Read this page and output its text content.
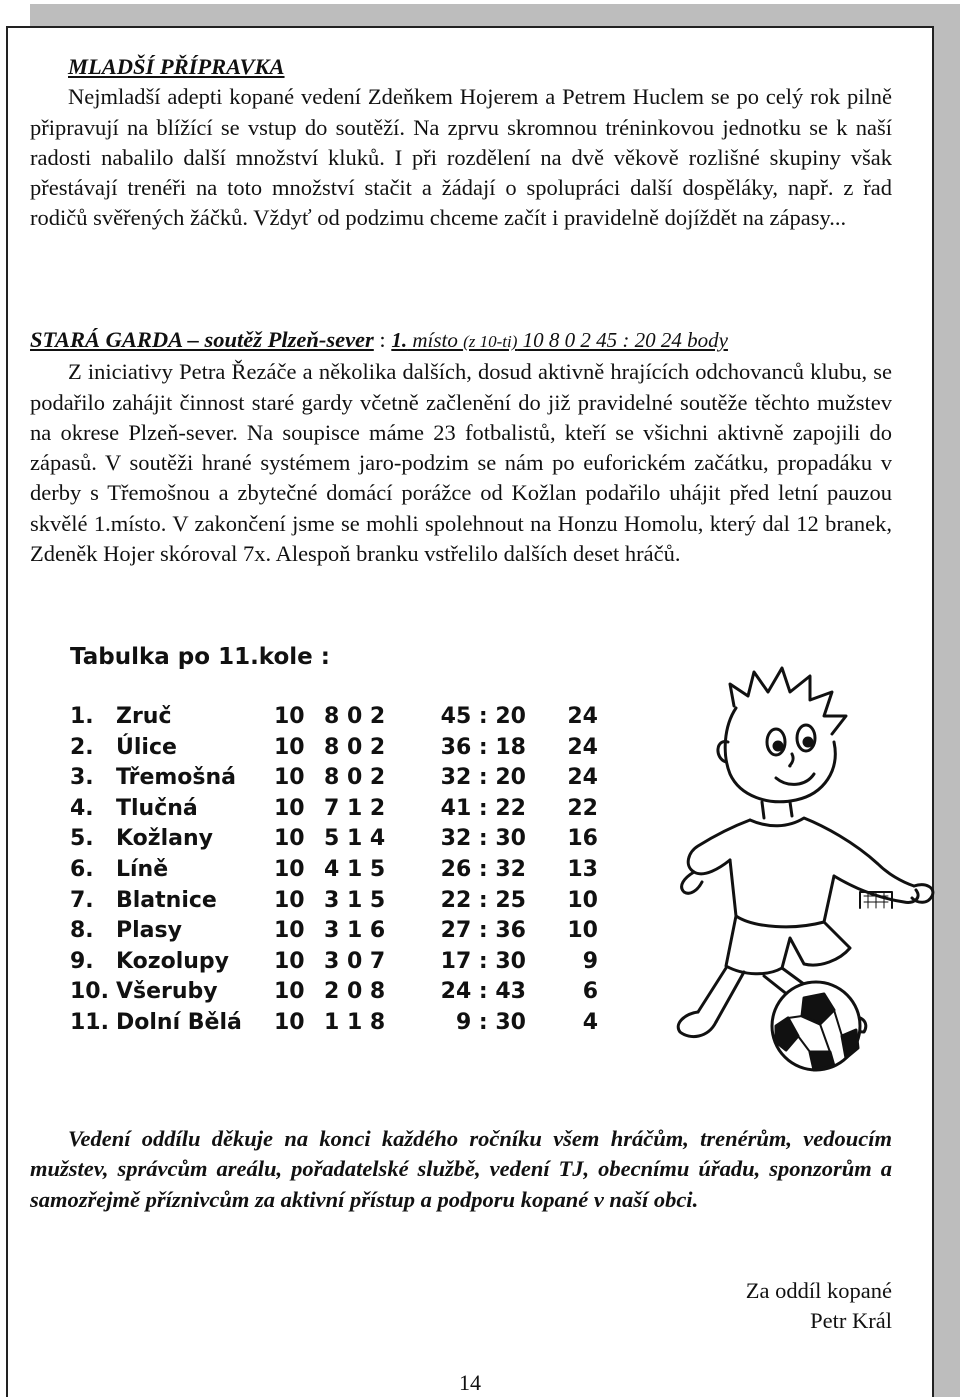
MLADŠÍ PŘÍPRAVKA

Nejmladší adepti kopané vedení Zdeňkem Hojerem a Petrem Huclem se po celý rok pilně připravují na blížící se vstup do soutěží. Na zprvu skromnou tréninkovou jednotku se k naší radosti nabalilo další množství kluků. I při rozdělení na dvě věkově rozlišné skupiny však přestávají trenéři na toto množství stačit a žádají o spolupráci další dospěláky, např. z řad rodičů svěřených žáčků. Vždyť od podzimu chceme začít i pravidelně dojíždět na zápasy...

STARÁ GARDA – soutěž Plzeň-sever : 1. místo (z 10-ti) 10 8 0 2 45 : 20 24 body

Z iniciativy Petra Řezáče a několika dalších, dosud aktivně hrajících odchovanců klubu, se podařilo zahájit činnost staré gardy včetně začlenění do již pravidelné soutěže těchto mužstev na okrese Plzeň-sever. Na soupisce máme 23 fotbalistů, kteří se všichni aktivně zapojili do zápasů. V soutěži hrané systémem jaro-podzim se nám po euforickém začátku, propadáku v derby s Třemošnou a zbytečné domácí porážce od Kožlan podařilo uhájit před letní pauzou skvělé 1.místo. V zakončení jsme se mohli spolehnout na Honzu Homolu, který dal 12 branek, Zdeněk Hojer skóroval 7x. Alespoň branku vstřelilo dalších deset hráčů.

Tabulka po 11.kole :
1.	Zruč	10 8 0 2	45 : 20	24
2.	Úlice	10 8 0 2	36 : 18	24
3.	Třemošná 10 8 0 2	32 : 20	24
4.	Tlučná	10 7 1 2	41 : 22	22
5.	Kožlany	10 5 1 4	32 : 30	16
6.	Líně	10 4 1 5	26 : 32	13
7.	Blatnice	10 3 1 5	22 : 25	10
8.	Plasy	10 3 1 6	27 : 36	10
9.	Kozolupy 10 3 0 7	17 : 30	9
10. Všeruby	10 2 0 8	24 : 43	6
11. Dolní Bělá 10 1 1 8	9 : 30	4

Vedení oddílu děkuje na konci každého ročníku všem hráčům, trenérům, vedoucím mužstev, správcům areálu, pořadatelské službě, vedení TJ, obecnímu úřadu, sponzorům a samozřejmě příznivcům za aktivní přístup a podporu kopané v naší obci.

Za oddíl kopané
Petr Král
14
